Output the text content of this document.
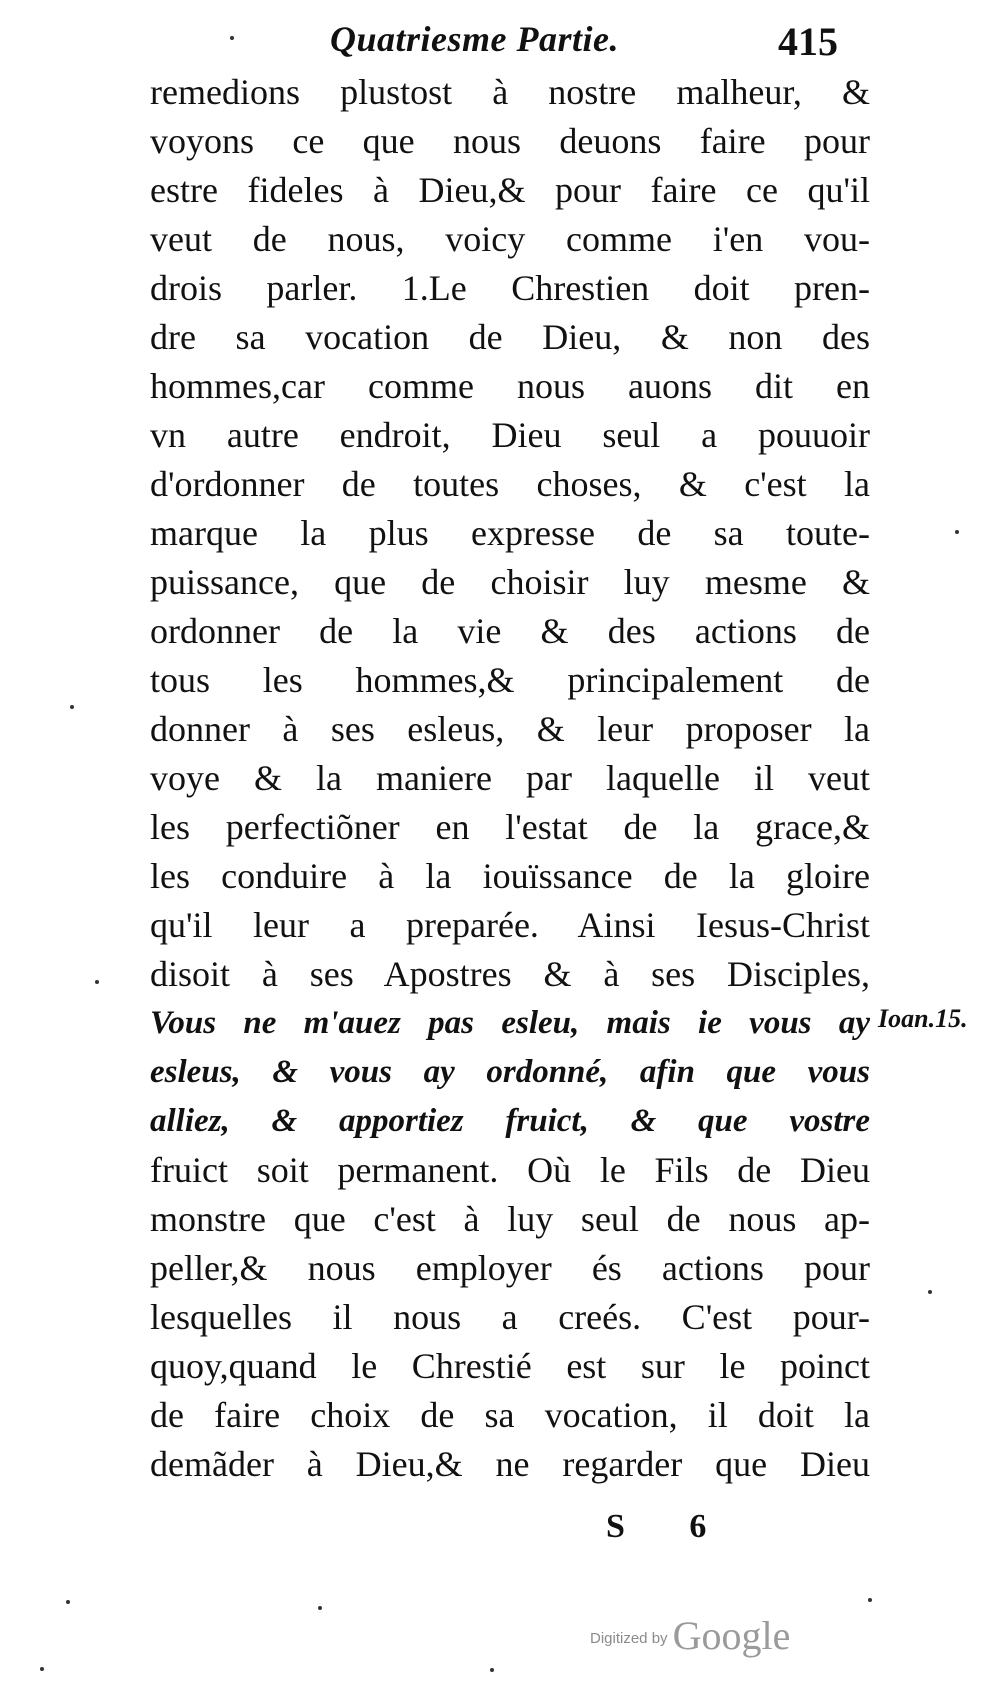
Quatriesme Partie.	415
remedions plustost à nostre malheur, &
voyons ce que nous deuons faire pour
estre fideles à Dieu,& pour faire ce qu'il
veut de nous, voicy comme i'en vou-
drois parler. 1.Le Chrestien doit pren-
dre sa vocation de Dieu, & non des
hommes,car comme nous auons dit en
vn autre endroit, Dieu seul a pouuoir
d'ordonner de toutes choses, & c'est la
marque la plus expresse de sa toute-
puissance, que de choisir luy mesme &
ordonner de la vie & des actions de
tous les hommes,& principalement de
donner à ses esleus, & leur proposer la
voye & la maniere par laquelle il veut
les perfectiõner en l'estat de la grace,&
les conduire à la iouïssance de la gloire
qu'il leur a preparée. Ainsi Iesus-Christ
disoit à ses Apostres & à ses Disciples,
Vous ne m'auez pas esleu, mais ie vous ay
esleus, & vous ay ordonné, afin que vous
alliez, & apportiez fruict, & que vostre
fruict soit permanent. Où le Fils de Dieu
monstre que c'est à luy seul de nous ap-
peller,& nous employer és actions pour
lesquelles il nous a creés. C'est pour-
quoy,quand le Chrestié est sur le poinct
de faire choix de sa vocation, il doit la
demãder à Dieu,& ne regarder que Dieu
Ioan.15.
S 6
Digitized by Google
